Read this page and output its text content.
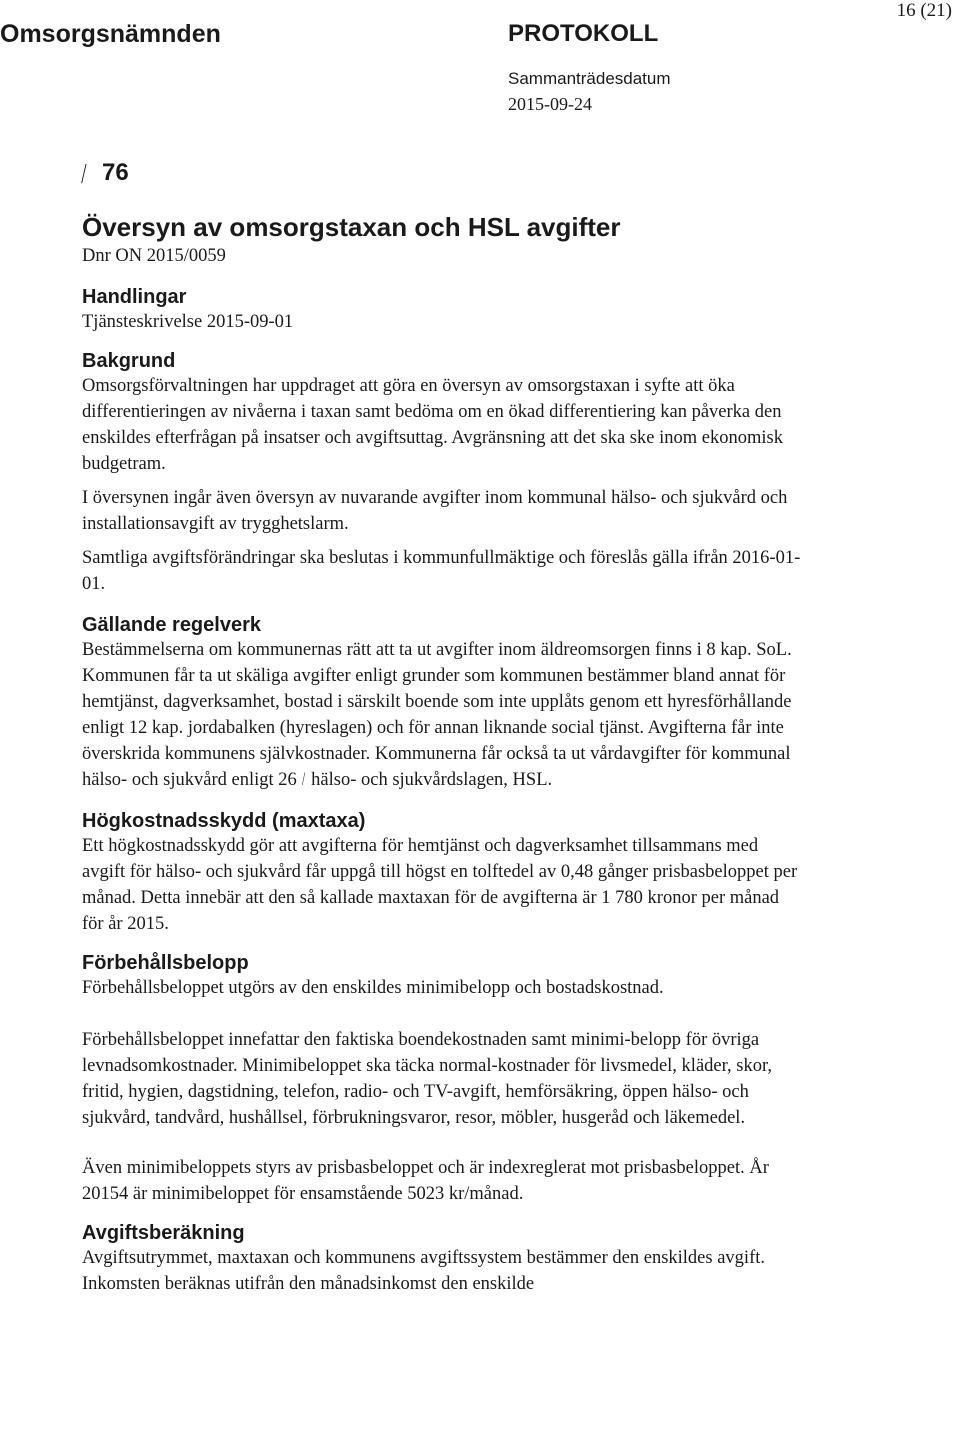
Omsorgsnämnden	PROTOKOLL
Sammanträdesdatum
2015-09-24
16 (21)
/ 76
Översyn av omsorgstaxan och HSL avgifter

Dnr ON 2015/0059

Handlingar

Tjänsteskrivelse 2015-09-01

Bakgrund

Omsorgsförvaltningen har uppdraget att göra en översyn av omsorgstaxan i syfte att öka differentieringen av nivåerna i taxan samt bedöma om en ökad differentiering kan påverka den enskildes efterfrågan på insatser och avgiftsuttag. Avgränsning att det ska ske inom ekonomisk budgetram.

I översynen ingår även översyn av nuvarande avgifter inom kommunal hälso- och sjukvård och installationsavgift av trygghetslarm.

Samtliga avgiftsförändringar ska beslutas i kommunfullmäktige och föreslås gälla ifrån 2016-01-01.

Gällande regelverk

Bestämmelserna om kommunernas rätt att ta ut avgifter inom äldreomsorgen finns i 8 kap. SoL. Kommunen får ta ut skäliga avgifter enligt grunder som kommunen bestämmer bland annat för hemtjänst, dagverksamhet, bostad i särskilt boende som inte upplåts genom ett hyresförhållande enligt 12 kap. jordabalken (hyreslagen) och för annan liknande social tjänst. Avgifterna får inte överskrida kommunens självkostnader. Kommunerna får också ta ut vårdavgifter för kommunal hälso- och sjukvård enligt 26 / hälso- och sjukvårdslagen, HSL.

Högkostnadsskydd (maxtaxa)

Ett högkostnadsskydd gör att avgifterna för hemtjänst och dagverksamhet tillsammans med avgift för hälso- och sjukvård får uppgå till högst en tolftedel av 0,48 gånger prisbasbeloppet per månad. Detta innebär att den så kallade maxtaxan för de avgifterna är 1 780 kronor per månad för år 2015.

Förbehållsbelopp

Förbehållsbeloppet utgörs av den enskildes minimibelopp och bostadskostnad.

Förbehållsbeloppet innefattar den faktiska boendekostnaden samt minimi-belopp för övriga levnadsomkostnader. Minimibeloppet ska täcka normal-kostnader för livsmedel, kläder, skor, fritid, hygien, dagstidning, telefon, radio- och TV-avgift, hemförsäkring, öppen hälso- och sjukvård, tandvård, hushållsel, förbrukningsvaror, resor, möbler, husgeråd och läkemedel.

Även minimibeloppets styrs av prisbasbeloppet och är indexreglerat mot prisbasbeloppet. År 20154 är minimibeloppet för ensamstående 5023 kr/månad.

Avgiftsberäkning

Avgiftsutrymmet, maxtaxan och kommunens avgiftssystem bestämmer den enskildes avgift. Inkomsten beräknas utifrån den månadsinkomst den enskilde
